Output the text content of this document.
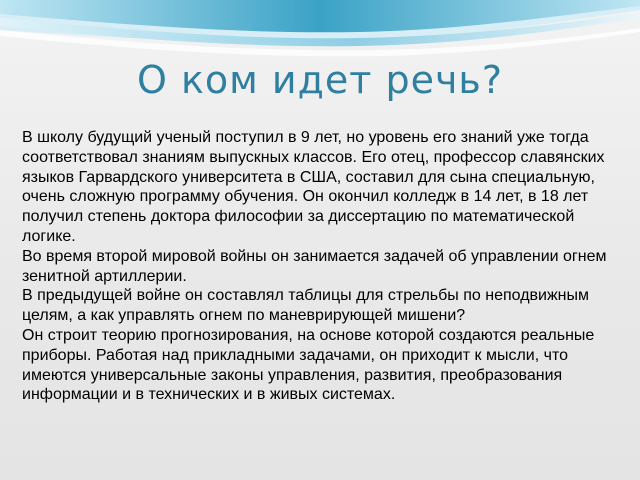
О ком идет речь?

В школу будущий ученый поступил в 9 лет, но уровень его знаний уже тогда соответствовал знаниям выпускных классов. Его отец, профессор славянских языков Гарвардского университета в США, составил для сына специальную, очень сложную программу обучения. Он окончил колледж в 14 лет, в 18 лет получил степень доктора философии за диссертацию по математической логике.

Во время второй мировой войны он занимается задачей об управлении огнем зенитной артиллерии.

В предыдущей войне он составлял таблицы для стрельбы по неподвижным целям, а как управлять огнем по маневрирующей мишени?

Он строит теорию прогнозирования, на основе которой создаются реальные приборы. Работая над прикладными задачами, он приходит к мысли, что имеются универсальные законы управления, развития, преобразования информации и в технических и в живых системах.
